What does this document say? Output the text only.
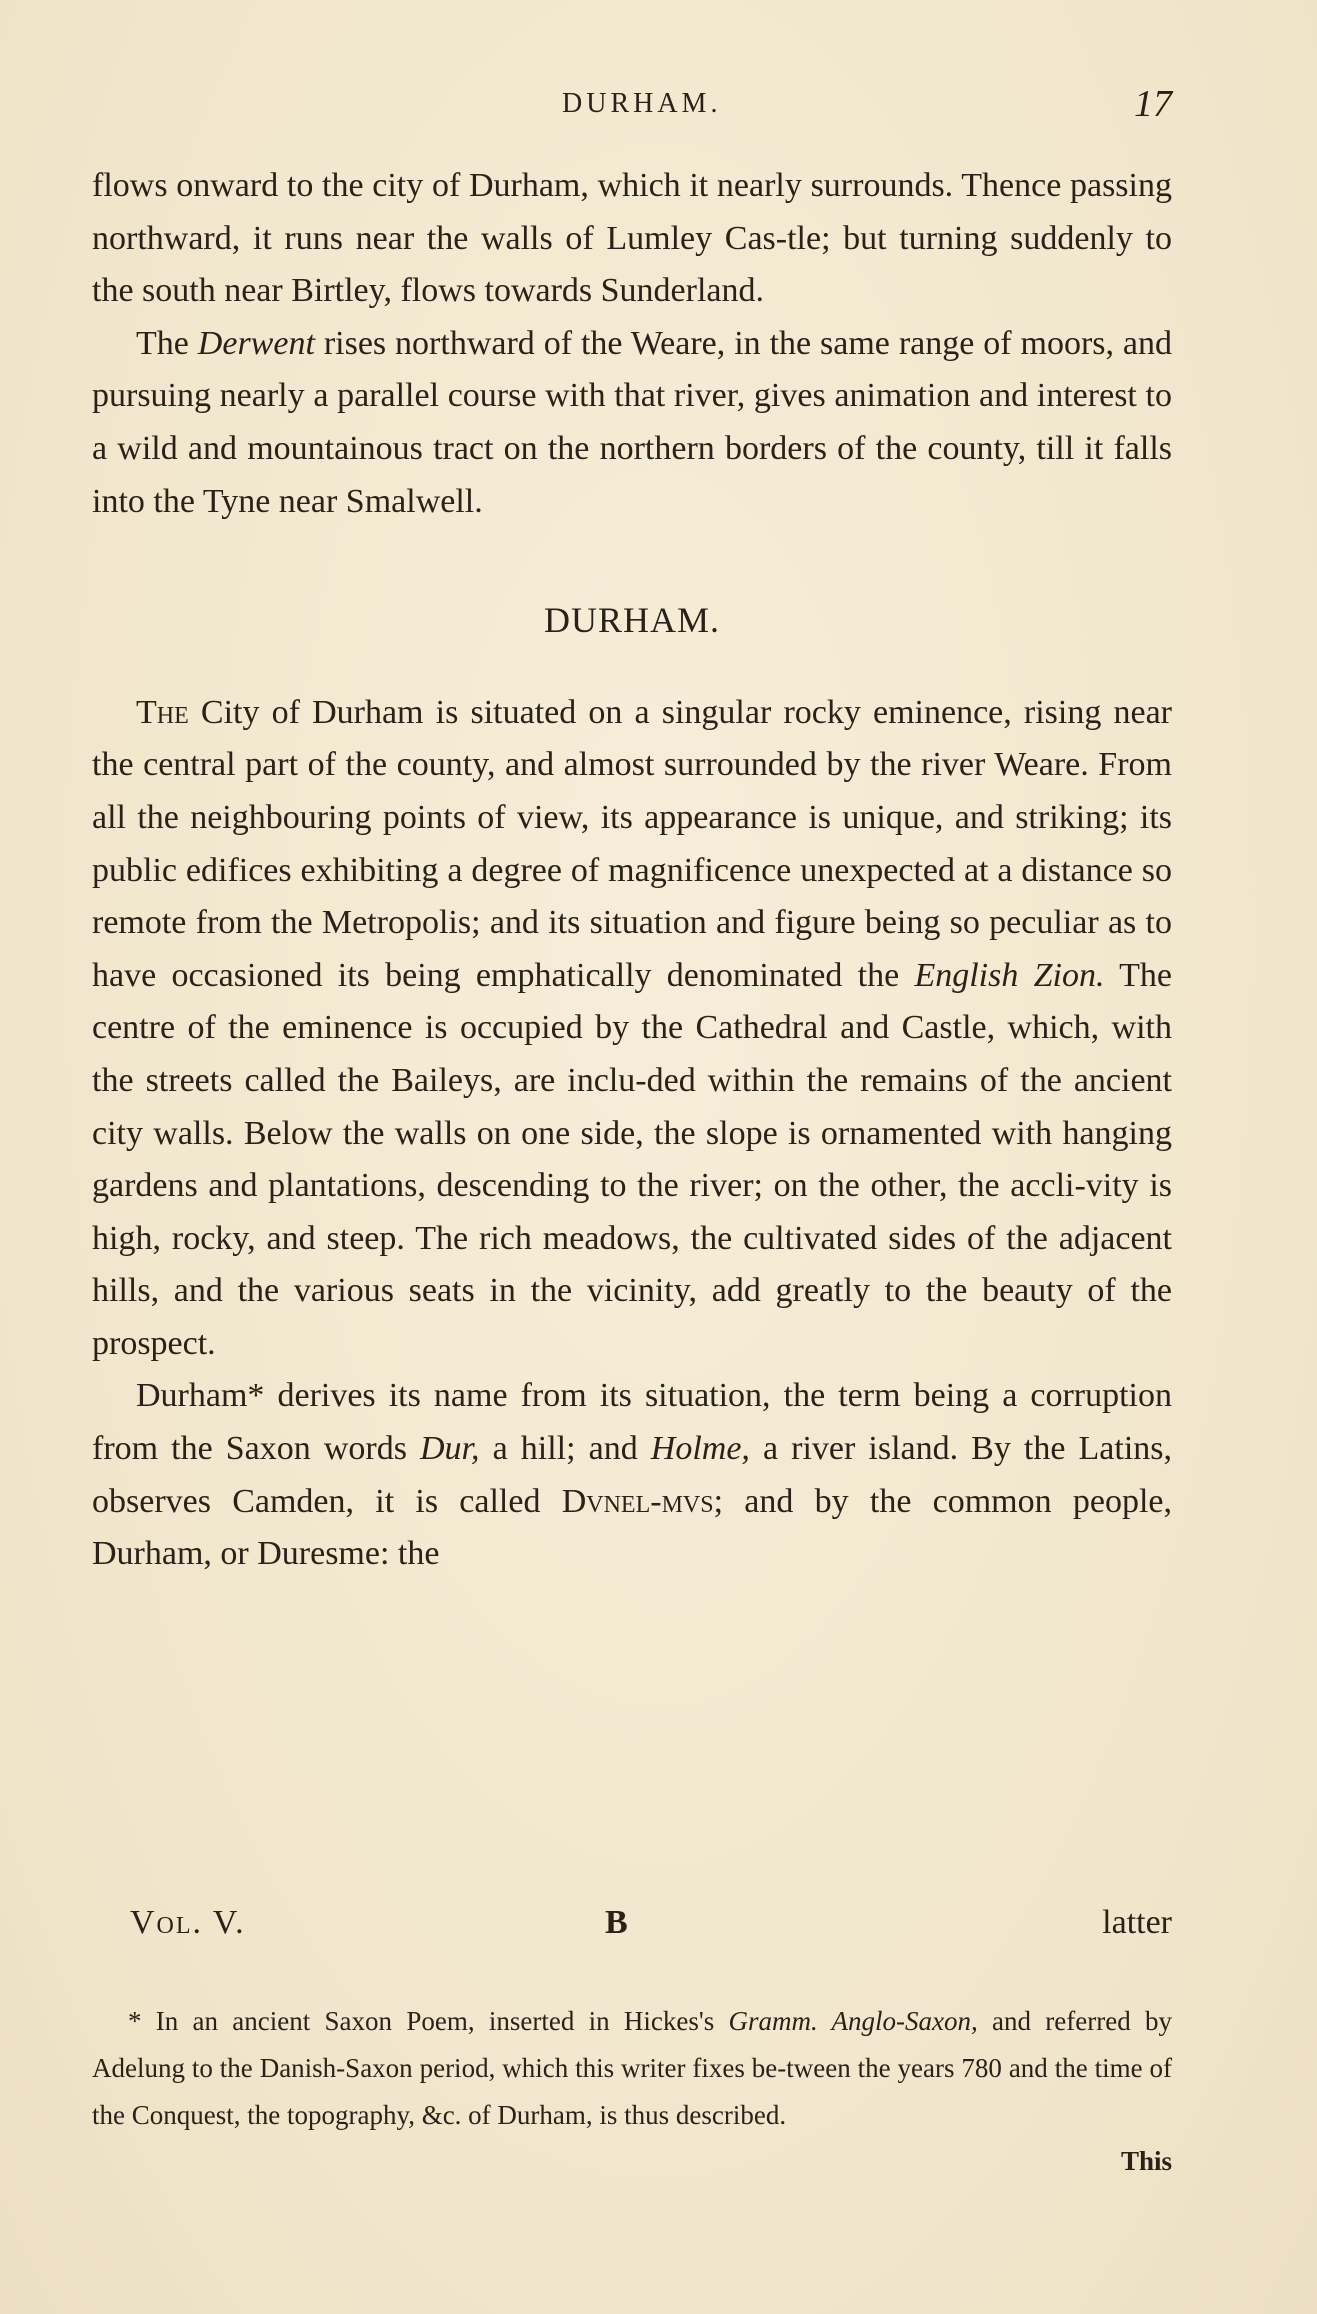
DURHAM.	17

flows onward to the city of Durham, which it nearly surrounds. Thence passing northward, it runs near the walls of Lumley Cas-tle; but turning suddenly to the south near Birtley, flows towards Sunderland.

The Derwent rises northward of the Weare, in the same range of moors, and pursuing nearly a parallel course with that river, gives animation and interest to a wild and mountainous tract on the northern borders of the county, till it falls into the Tyne near Smalwell.

DURHAM.

The City of Durham is situated on a singular rocky eminence, rising near the central part of the county, and almost surrounded by the river Weare. From all the neighbouring points of view, its appearance is unique, and striking; its public edifices exhibiting a degree of magnificence unexpected at a distance so remote from the Metropolis; and its situation and figure being so peculiar as to have occasioned its being emphatically denominated the English Zion. The centre of the eminence is occupied by the Cathedral and Castle, which, with the streets called the Baileys, are inclu-ded within the remains of the ancient city walls. Below the walls on one side, the slope is ornamented with hanging gardens and plantations, descending to the river; on the other, the accli-vity is high, rocky, and steep. The rich meadows, the cultivated sides of the adjacent hills, and the various seats in the vicinity, add greatly to the beauty of the prospect.

Durham* derives its name from its situation, the term being a corruption from the Saxon words Dur, a hill; and Holme, a river island. By the Latins, observes Camden, it is called Dvnel-mvs; and by the common people, Durham, or Duresme: the

Vol. V.	B	latter

* In an ancient Saxon Poem, inserted in Hickes's Gramm. Anglo-Saxon, and referred by Adelung to the Danish-Saxon period, which this writer fixes be-tween the years 780 and the time of the Conquest, the topography, &c. of Durham, is thus described.

This
